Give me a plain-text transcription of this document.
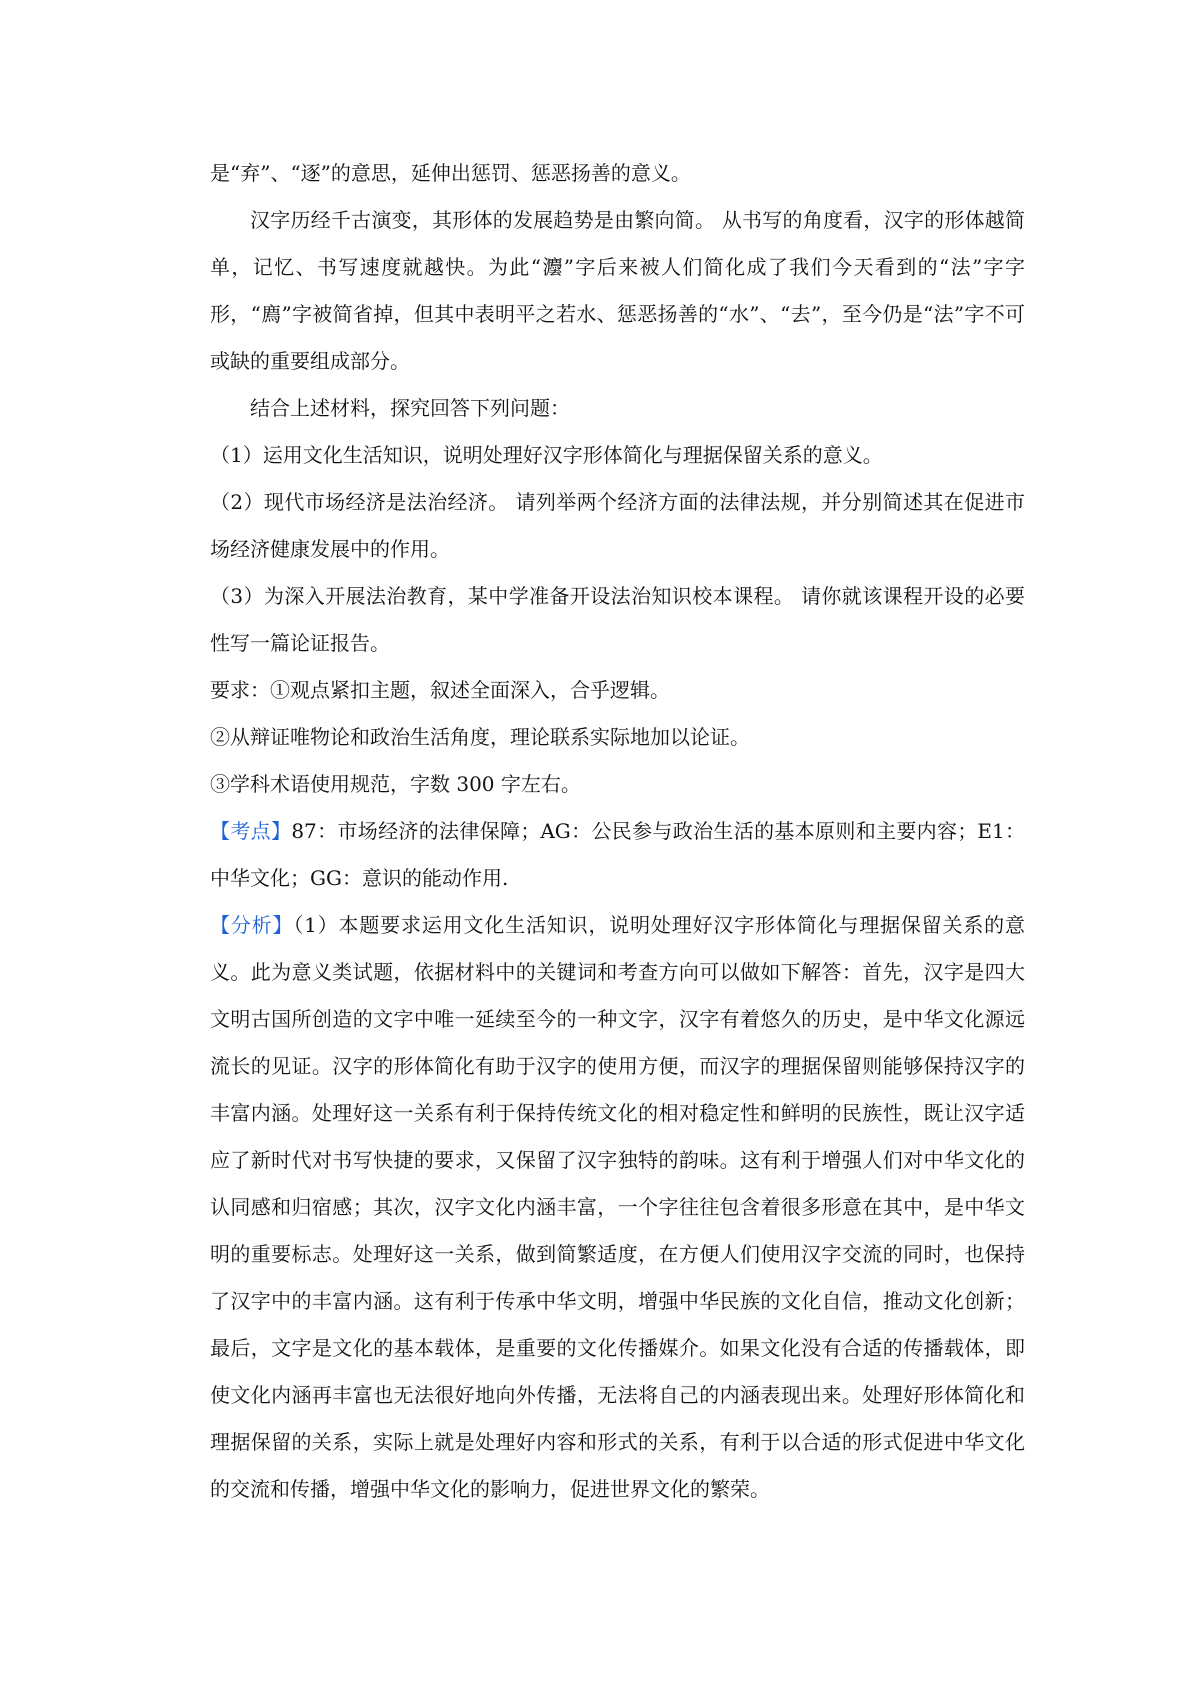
是“弃”、“逐”的意思，延伸出惩罚、惩恶扬善的意义。

汉字历经千古演变，其形体的发展趋势是由繁向简。 从书写的角度看，汉字的形体越简单，记忆、书写速度就越快。为此“灋”字后来被人们简化成了我们今天看到的“法”字字形，“廌”字被简省掉，但其中表明平之若水、惩恶扬善的“水”、“去”，至今仍是“法”字不可或缺的重要组成部分。

结合上述材料，探究回答下列问题：

（1）运用文化生活知识，说明处理好汉字形体简化与理据保留关系的意义。

（2）现代市场经济是法治经济。 请列举两个经济方面的法律法规，并分别简述其在促进市场经济健康发展中的作用。

（3）为深入开展法治教育，某中学准备开设法治知识校本课程。 请你就该课程开设的必要性写一篇论证报告。

要求：①观点紧扣主题，叙述全面深入，合乎逻辑。

②从辩证唯物论和政治生活角度，理论联系实际地加以论证。

③学科术语使用规范，字数 300 字左右。

【考点】87：市场经济的法律保障；AG：公民参与政治生活的基本原则和主要内容；E1：中华文化；GG：意识的能动作用.

【分析】（1）本题要求运用文化生活知识，说明处理好汉字形体简化与理据保留关系的意义。此为意义类试题，依据材料中的关键词和考查方向可以做如下解答：首先，汉字是四大文明古国所创造的文字中唯一延续至今的一种文字，汉字有着悠久的历史，是中华文化源远流长的见证。汉字的形体简化有助于汉字的使用方便，而汉字的理据保留则能够保持汉字的丰富内涵。处理好这一关系有利于保持传统文化的相对稳定性和鲜明的民族性，既让汉字适应了新时代对书写快捷的要求，又保留了汉字独特的韵味。这有利于增强人们对中华文化的认同感和归宿感；其次，汉字文化内涵丰富，一个字往往包含着很多形意在其中，是中华文明的重要标志。处理好这一关系，做到简繁适度，在方便人们使用汉字交流的同时，也保持了汉字中的丰富内涵。这有利于传承中华文明，增强中华民族的文化自信，推动文化创新；最后，文字是文化的基本载体，是重要的文化传播媒介。如果文化没有合适的传播载体，即使文化内涵再丰富也无法很好地向外传播，无法将自己的内涵表现出来。处理好形体简化和理据保留的关系，实际上就是处理好内容和形式的关系，有利于以合适的形式促进中华文化的交流和传播，增强中华文化的影响力，促进世界文化的繁荣。
